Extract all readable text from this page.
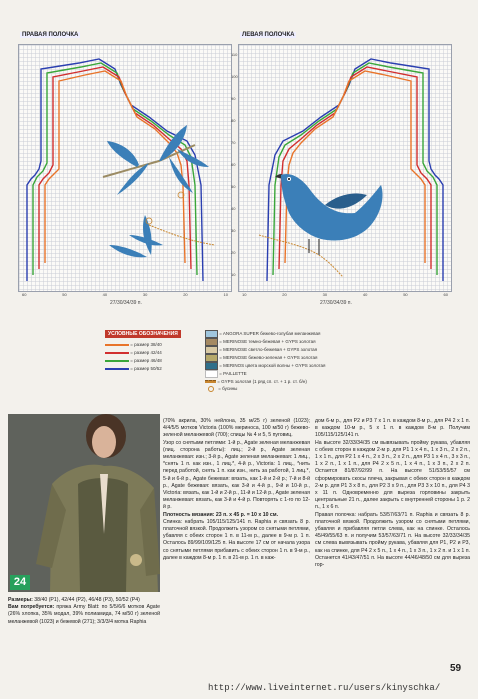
ПРАВАЯ ПОЛОЧКА	ЛЕВАЯ ПОЛОЧКА
110
100
90
80
70
60
50
40
30
20
10
60	50	40	30	20	10	10	20	30	40	50	60
27/30/34/39 п.	27/30/34/39 п.
УСЛОВНЫЕ ОБОЗНАЧЕНИЯ
= размер 38/40
= размер 42/44
= размер 46/48
= размер 50/52
= ANGORA SUPER бежево-голубая меланжевая
= MERINOSE темно-бежевая + GYPS золотая
= MERINOSE светло-бежевая + GYPS золотая
= MERINOSE бежево-зеленая + GYPS золотая
= MERINOS цвета морской волны + GYPS золотая
= PAILLETTE
= GYPS золотая (1 ряд сп. ст. + 1 р. ст. б/н)
= бусины
24
Размеры: 38/40 (P1), 42/44 (P2), 46/48 (P3), 50/52 (P4)
Вам потребуется: пряжа Army Blatt: по 5/5/6/6 мотков Agate (26% хлопка, 35% модал, 39% полиамида, 74 м/50 г) зеленой меланжевой (1023) и бежевой (271); 3/3/3/4 мотка Raphia
(70% акрила, 30% нейлона, 35 м/25 г) зеленой (1023); 4/4/5/5 мотков Victoria (100% мериноса, 100 м/50 г) бежево-зеленой меланжевой (700); спицы № 4 и 5, 5 пуговиц.
Узор со снятыми петлями: 1-й р., Agate зеленая меланжевая (лиц. сторона работы): лиц.; 2-й р., Agate зеленая меланжевая: изн.; 3-й р., Agate зеленая меланжевая: 1 лиц., *снять 1 п. как изн., 1 лиц.*, 4-й р., Victoria: 1 лиц., *нить перед работой, снять 1 п. как изн., нить за работой, 1 лиц.*, 5-й и 6-й р., Agate бежевая: вязать, как 1-й и 2-й р.; 7-й и 8-й р., Agate бежевая: вязать, как 3-й и 4-й р., 9-й и 10-й р., Victoria: вязать, как 1-й и 2-й р., 11-й и 12-й р., Agate зеленая меланжевая: вязать, как 3-й и 4-й р. Повторять с 1-го по 12-й р.
Плотность вязания: 23 п. х 45 р. = 10 х 10 см.
Спинка: набрать 105/115/125/141 п. Raphia и связать 8 р. платочной вязкой. Продолжить узором со снятыми петлями, убавляя с обеих сторон 1 п. в 11-м р., далее в 9-м р. 1 п. Осталось 89/99/109/125 п. На высоте 17 см от начала узора со снятыми петлями прибавить с обеих сторон 1 п. в 9-м р., далее в каждом 8-м р. 1 п. в 21-м р. 1 п. в каж-
дом 6-м р., для Р2 и Р3 7 х 1 п. в каждом 8-м р., для Р4 2 х 1 п. в каждом 10-м р., 5 х 1 п. в каждом 8-м р. Получим 105/115/125/141 п.
На высоте 32/33/34/35 см вывязывать пройму рукава, убавляя с обеих сторон в каждом 2-м р. для Р1 1 х 4 п., 1 х 3 п., 2 х 2 п., 1 х 1 п., для Р2 1 х 4 п., 2 х 3 п., 2 х 2 п., для Р3 1 х 4 п., 3 х 3 п., 1 х 2 п., 1 х 1 п., для Р4 2 х 5 п., 1 х 4 п., 1 х 3 п., 2 х 2 п. Остается 81/87/92/99 п. На высоте 51/53/55/57 см сформировать скосы плеча, закрывая с обеих сторон в каждом 2-м р. для Р1 3 х 8 п., для Р2 3 х 9 п., для Р3 3 х 10 п., для Р4 3 х 11 п. Одновременно для выреза горловины закрыть центральные 21 п., далее закрыть с внутренней стороны 1 р. 2 п., 1 х 6 п.
Правая полочка: набрать 53/57/63/71 п. Raphia и связать 8 р. платочной вязкой. Продолжить узором со снятыми петлями, убавляя и прибавляя петли слева, как на спинке. Осталось 45/49/55/63 п. и получим 53/57/63/71 п. На высоте 32/33/34/35 см слева вывязывать пройму рукава, убавляя для Р1, Р2 и Р3, как на спинке, для Р4 2 х 5 п., 1 х 4 п., 1 х 3 п., 1 х 2 п. и 1 х 1 п. Останется 41/43/47/51 п. На высоте 44/46/48/50 см для выреза гор-
59
http://www.liveinternet.ru/users/kinyschka/
